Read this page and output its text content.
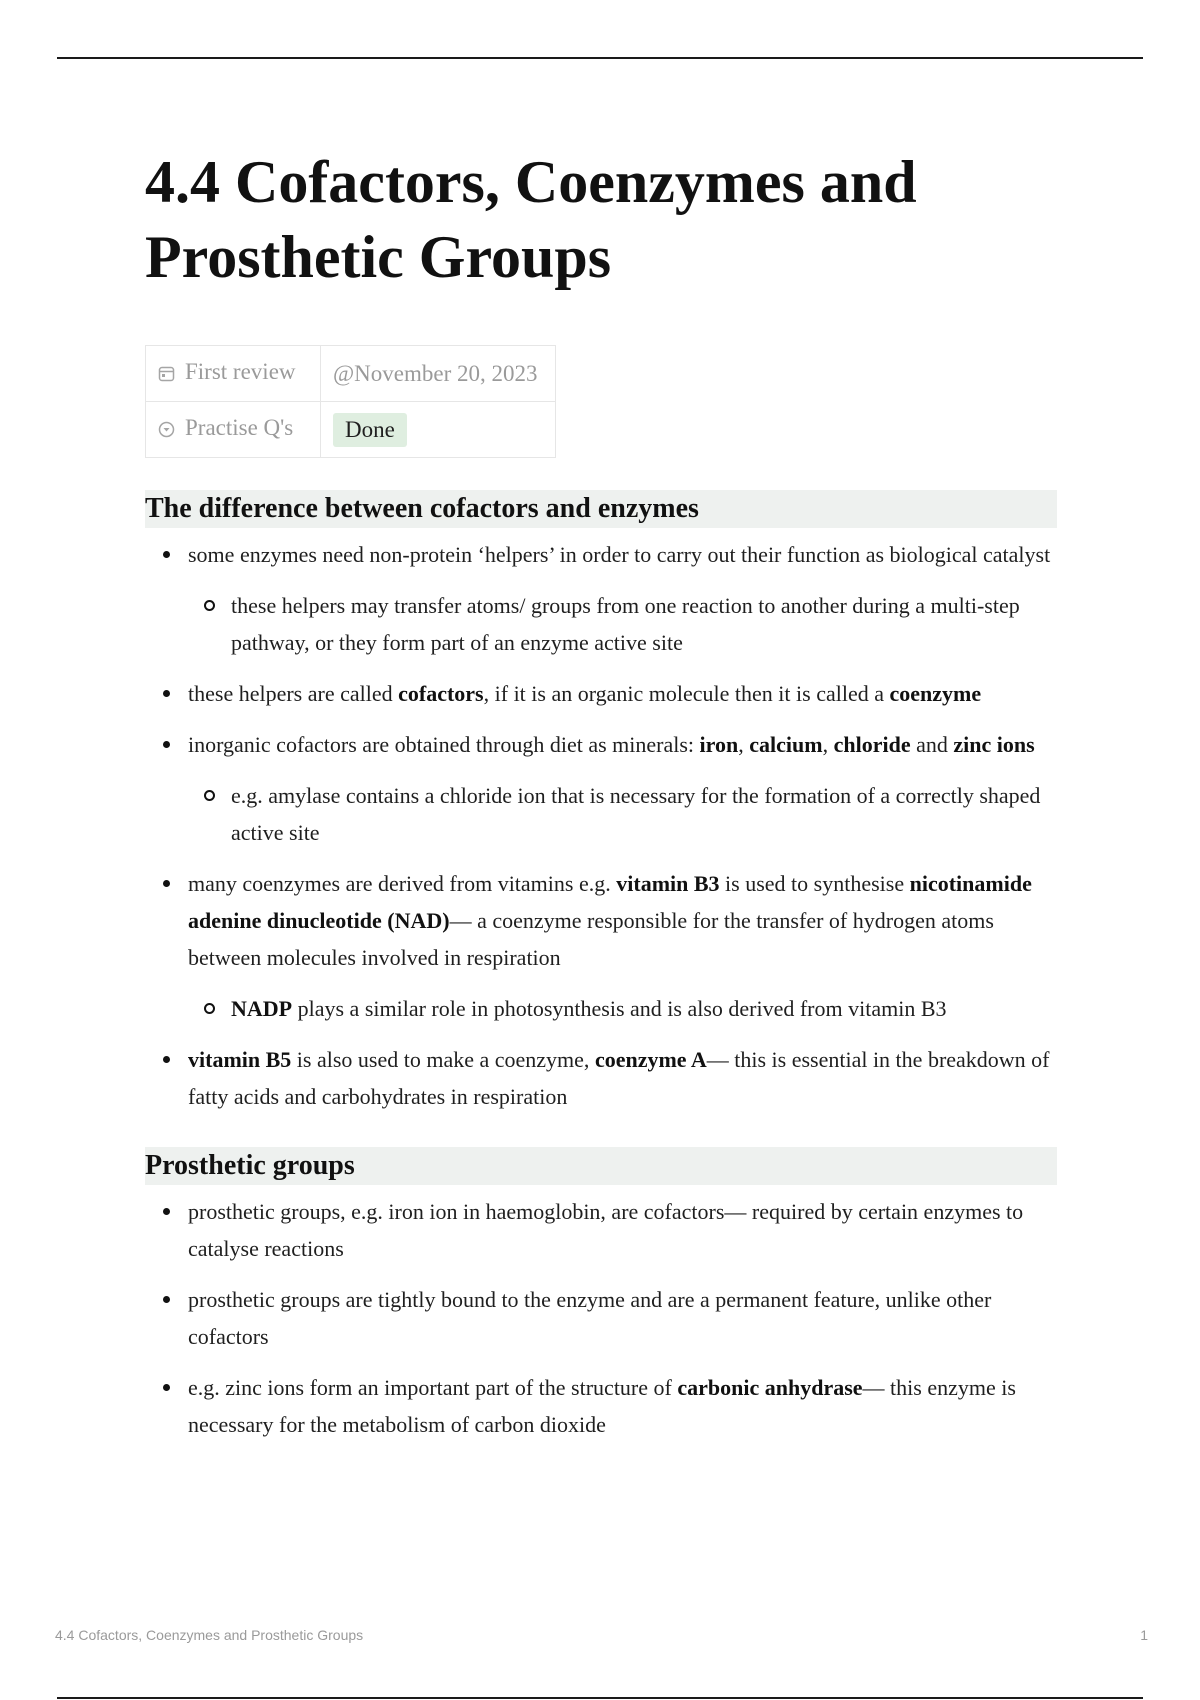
4.4 Cofactors, Coenzymes and Prosthetic Groups
First review	@November 20, 2023
Practise Q's	Done
The difference between cofactors and enzymes
some enzymes need non-protein ‘helpers’ in order to carry out their function as biological catalyst
these helpers may transfer atoms/ groups from one reaction to another during a multi-step pathway, or they form part of an enzyme active site
these helpers are called cofactors, if it is an organic molecule then it is called a coenzyme
inorganic cofactors are obtained through diet as minerals: iron, calcium, chloride and zinc ions
e.g. amylase contains a chloride ion that is necessary for the formation of a correctly shaped active site
many coenzymes are derived from vitamins e.g. vitamin B3 is used to synthesise nicotinamide adenine dinucleotide (NAD)— a coenzyme responsible for the transfer of hydrogen atoms between molecules involved in respiration
NADP plays a similar role in photosynthesis and is also derived from vitamin B3
vitamin B5 is also used to make a coenzyme, coenzyme A— this is essential in the breakdown of fatty acids and carbohydrates in respiration
Prosthetic groups
prosthetic groups, e.g. iron ion in haemoglobin, are cofactors— required by certain enzymes to catalyse reactions
prosthetic groups are tightly bound to the enzyme and are a permanent feature, unlike other cofactors
e.g. zinc ions form an important part of the structure of carbonic anhydrase— this enzyme is necessary for the metabolism of carbon dioxide
4.4 Cofactors, Coenzymes and Prosthetic Groups	1
